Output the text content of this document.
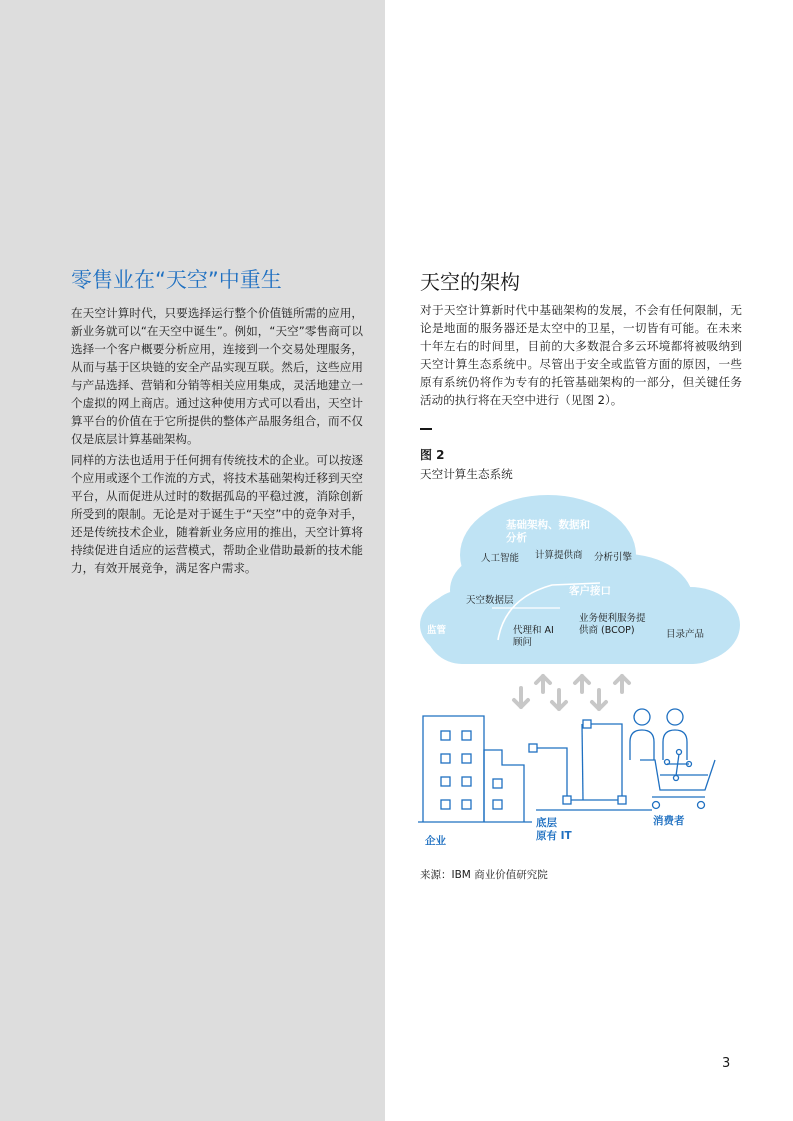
零售业在“天空”中重生

在天空计算时代，只要选择运行整个价值链所需的应用，新业务就可以“在天空中诞生”。例如，“天空”零售商可以选择一个客户概要分析应用，连接到一个交易处理服务，从而与基于区块链的安全产品实现互联。然后，这些应用与产品选择、营销和分销等相关应用集成，灵活地建立一个虚拟的网上商店。通过这种使用方式可以看出，天空计算平台的价值在于它所提供的整体产品服务组合，而不仅仅是底层计算基础架构。

同样的方法也适用于任何拥有传统技术的企业。可以按逐个应用或逐个工作流的方式，将技术基础架构迁移到天空平台，从而促进从过时的数据孤岛的平稳过渡，消除创新所受到的限制。无论是对于诞生于“天空”中的竞争对手，还是传统技术企业，随着新业务应用的推出，天空计算将持续促进自适应的运营模式，帮助企业借助最新的技术能力，有效开展竞争，满足客户需求。

天空的架构

对于天空计算新时代中基础架构的发展，不会有任何限制，无论是地面的服务器还是太空中的卫星，一切皆有可能。在未来十年左右的时间里，目前的大多数混合多云环境都将被吸纳到天空计算生态系统中。尽管出于安全或监管方面的原因，一些原有系统仍将作为专有的托管基础架构的一部分，但关键任务活动的执行将在天空中进行（见图 2）。

图 2
天空计算生态系统
基础架构、数据和
分析
人工智能 计算提供商 分析引擎
客户接口
天空数据层
监管	代理和 AI
顾问
业务便利服务提
供商 (BCOP)	目录产品
企业
底层
原有 IT
消费者
来源：IBM 商业价值研究院
3
